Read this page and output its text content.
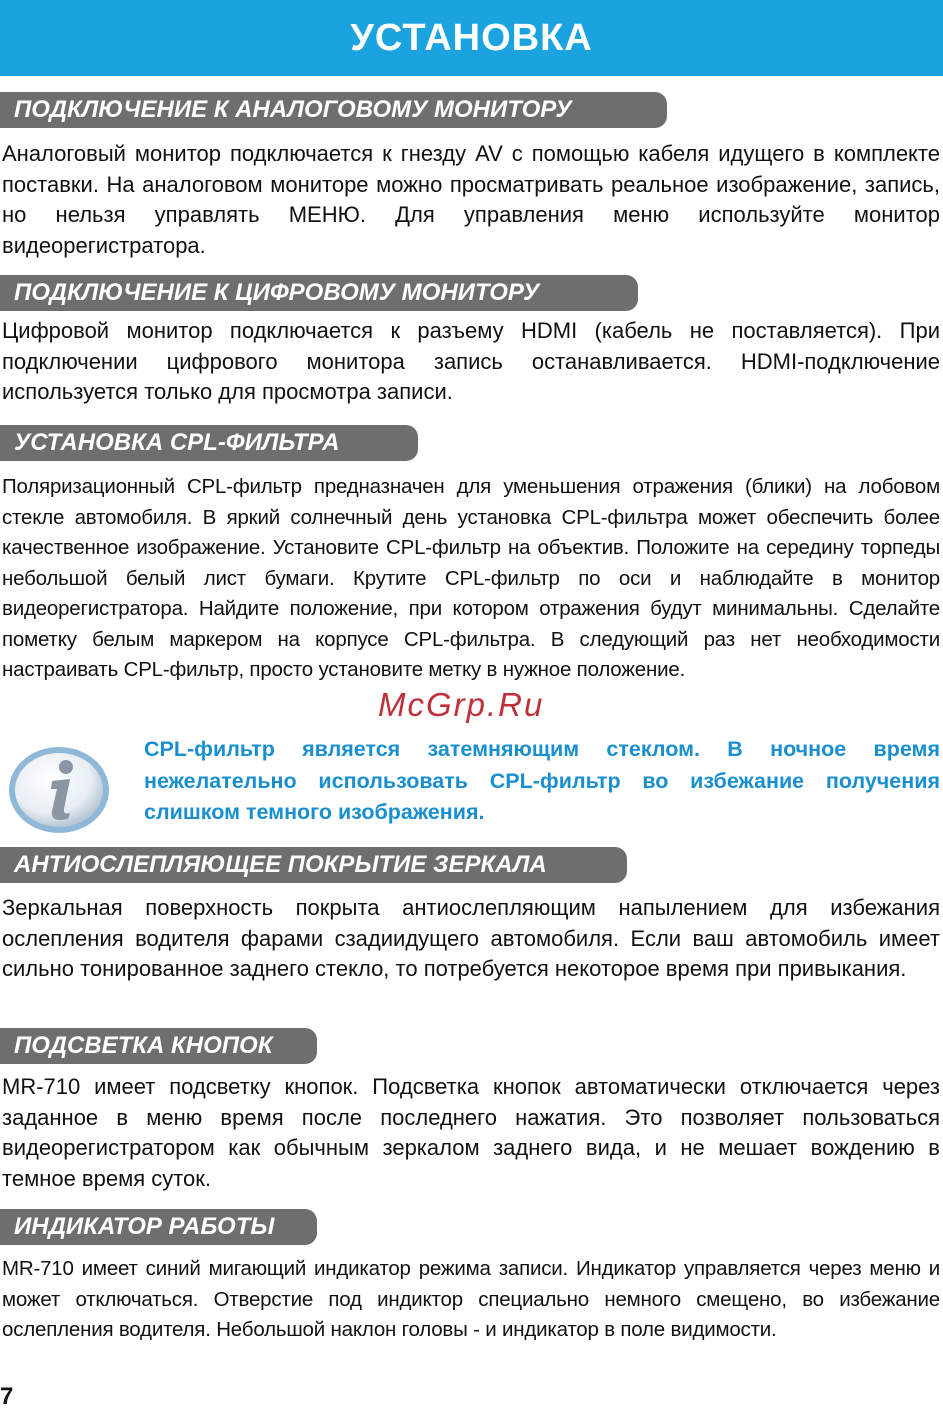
УСТАНОВКА
ПОДКЛЮЧЕНИЕ К АНАЛОГОВОМУ МОНИТОРУ

Аналоговый монитор подключается к гнезду AV с помощью кабеля идущего в комплекте поставки. На аналоговом мониторе можно просматривать реальное изображение, запись, но нельзя управлять МЕНЮ. Для управления меню используйте монитор видеорегистратора.

ПОДКЛЮЧЕНИЕ К ЦИФРОВОМУ МОНИТОРУ

Цифровой монитор подключается к разъему HDMI (кабель не поставляется). При подключении цифрового монитора запись останавливается. HDMI-подключение используется только для просмотра записи.

УСТАНОВКА CPL-ФИЛЬТРА

Поляризационный CPL-фильтр предназначен для уменьшения отражения (блики) на лобовом стекле автомобиля. В яркий солнечный день установка CPL-фильтра может обеспечить более качественное изображение. Установите CPL-фильтр на объектив. Положите на середину торпеды небольшой белый лист бумаги. Крутите CPL-фильтр по оси и наблюдайте в монитор видеорегистратора. Найдите положение, при котором отражения будут минимальны. Сделайте пометку белым маркером на корпусе CPL-фильтра. В следующий раз нет необходимости настраивать CPL-фильтр, просто установите метку в нужное положение.

McGrp.Ru

CPL-фильтр является затемняющим стеклом. В ночное время нежелательно использовать CPL-фильтр во избежание получения слишком темного изображения.

АНТИОСЛЕПЛЯЮЩЕЕ ПОКРЫТИЕ ЗЕРКАЛА

Зеркальная поверхность покрыта антиослепляющим напылением для избежания ослепления водителя фарами сзадиидущего автомобиля. Если ваш автомобиль имеет сильно тонированное заднего стекло, то потребуется некоторое время при привыкания.

ПОДСВЕТКА КНОПОК

MR-710 имеет подсветку кнопок. Подсветка кнопок автоматически отключается через заданное в меню время после последнего нажатия. Это позволяет пользоваться видеорегистратором как обычным зеркалом заднего вида, и не мешает вождению в темное время суток.

ИНДИКАТОР РАБОТЫ

MR-710 имеет синий мигающий индикатор режима записи. Индикатор управляется через меню и может отключаться. Отверстие под индиктор специально немного смещено, во избежание ослепления водителя. Небольшой наклон головы - и индикатор в поле видимости.

7
